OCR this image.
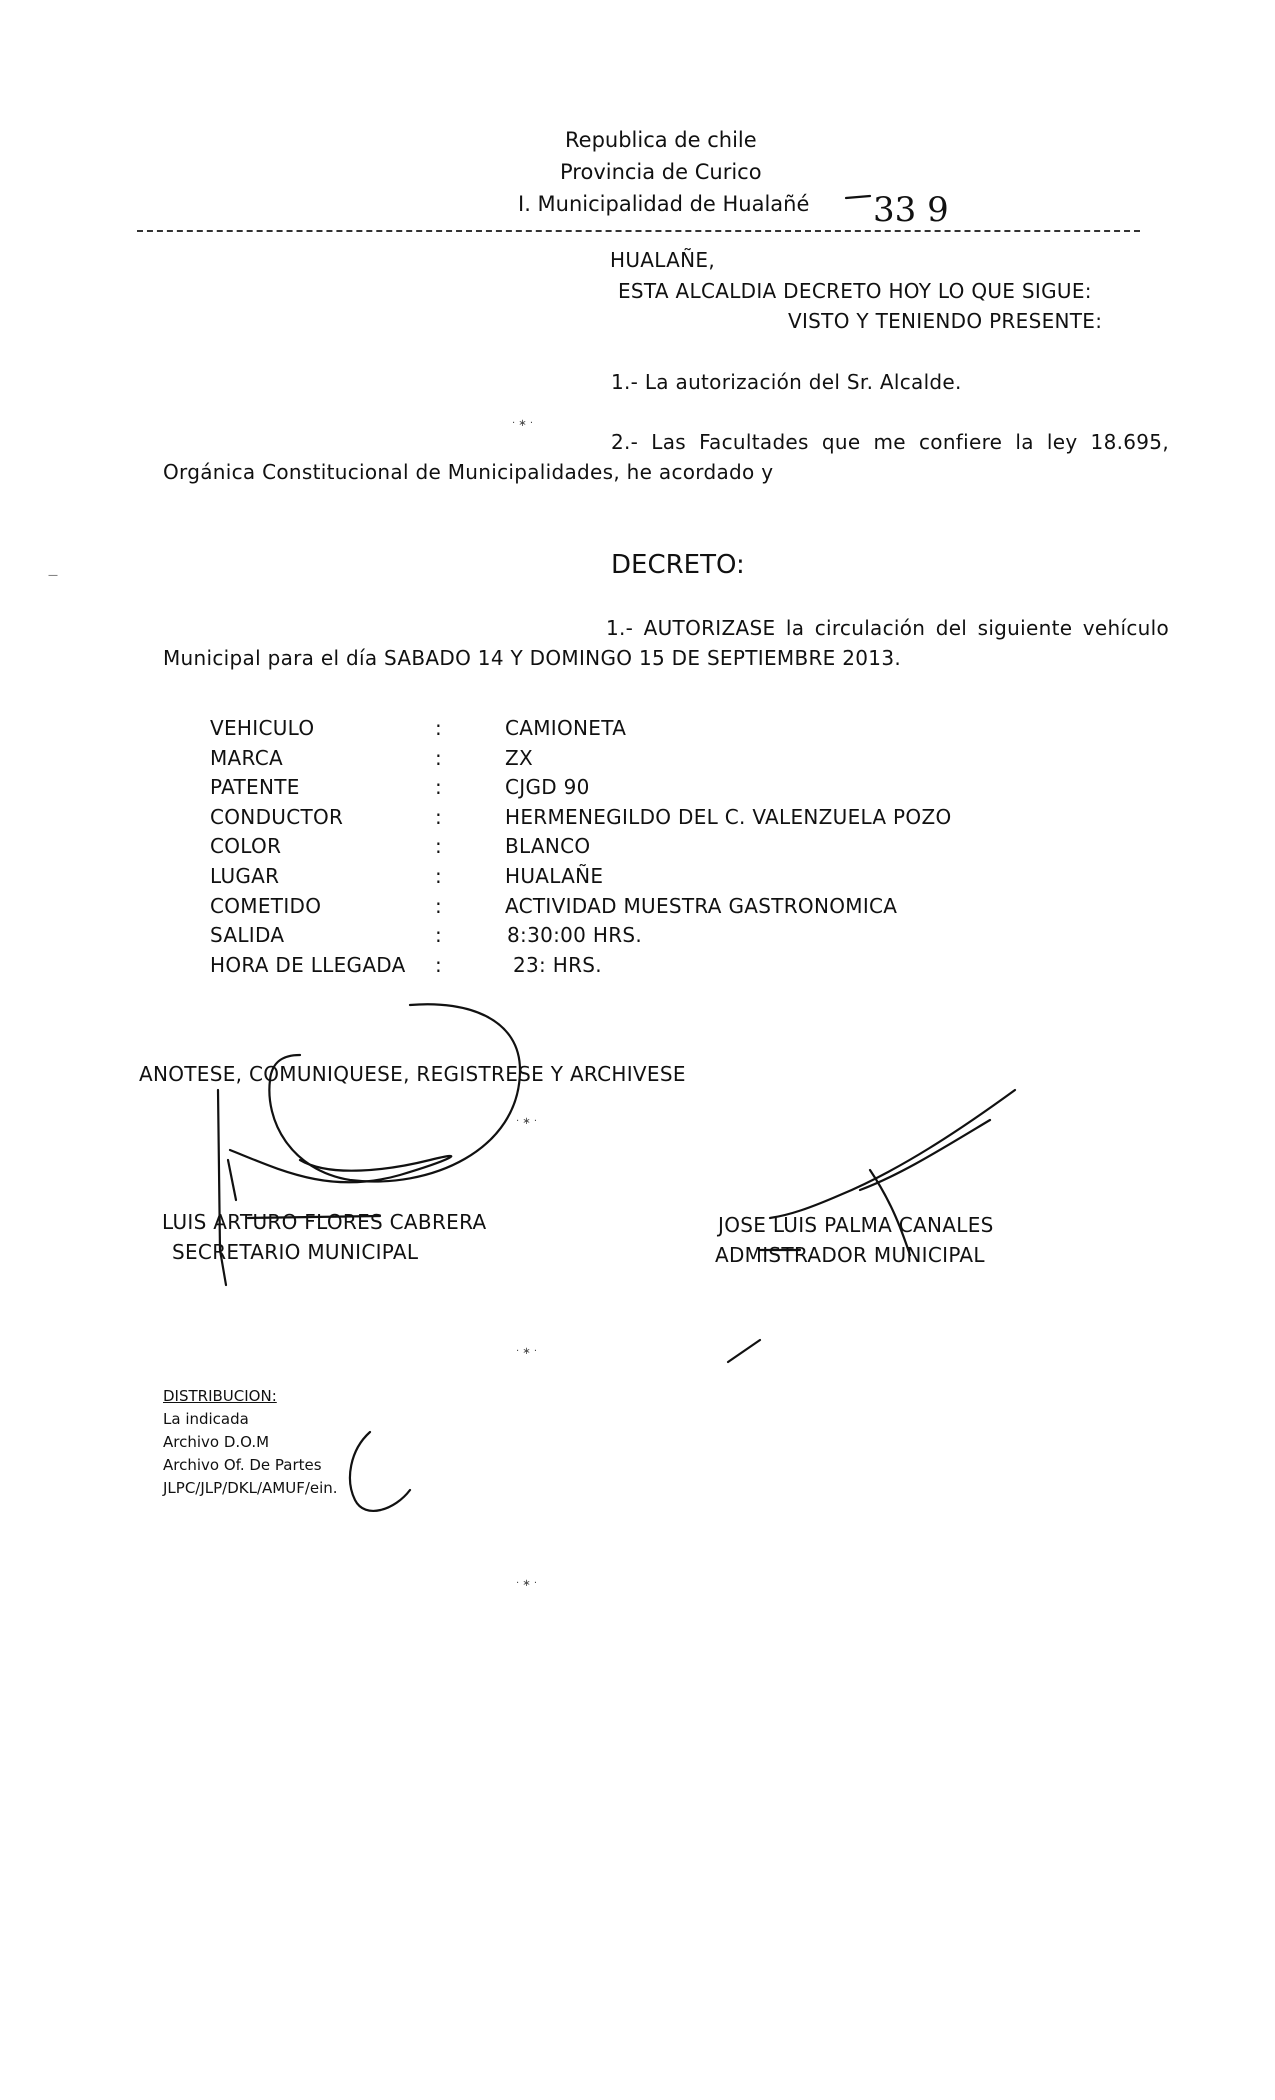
Republica de chile
Provincia de Curico
I. Municipalidad de Hualañé 33 9
HUALAÑE,
ESTA ALCALDIA DECRETO HOY LO QUE SIGUE:
VISTO Y TENIENDO PRESENTE:
1.- La autorización del Sr. Alcalde.
2.- Las Facultades que me confiere la ley 18.695,
Orgánica Constitucional de Municipalidades, he acordado y
DECRETO:
1.- AUTORIZASE la circulación del siguiente vehículo
Municipal para el día SABADO 14 Y DOMINGO 15 DE SEPTIEMBRE 2013.
VEHICULO	:	CAMIONETA
MARCA	:	ZX
PATENTE	:	CJGD 90
CONDUCTOR	:	HERMENEGILDO DEL C. VALENZUELA POZO
COLOR	:	BLANCO
LUGAR	:	HUALAÑE
COMETIDO	:	ACTIVIDAD MUESTRA GASTRONOMICA
SALIDA	:	8:30:00 HRS.
HORA DE LLEGADA :	23: HRS.
ANOTESE, COMUNIQUESE, REGISTRESE Y ARCHIVESE
LUIS ARTURO FLORES CABRERA
SECRETARIO MUNICIPAL
JOSE LUIS PALMA CANALES
ADMISTRADOR MUNICIPAL
DISTRIBUCION:
La indicada
Archivo D.O.M
Archivo Of. De Partes
JLPC/JLP/DKL/AMUF/ein.
· ∗ ·
· ∗ ·
· ∗ ·
· ∗ ·
—
